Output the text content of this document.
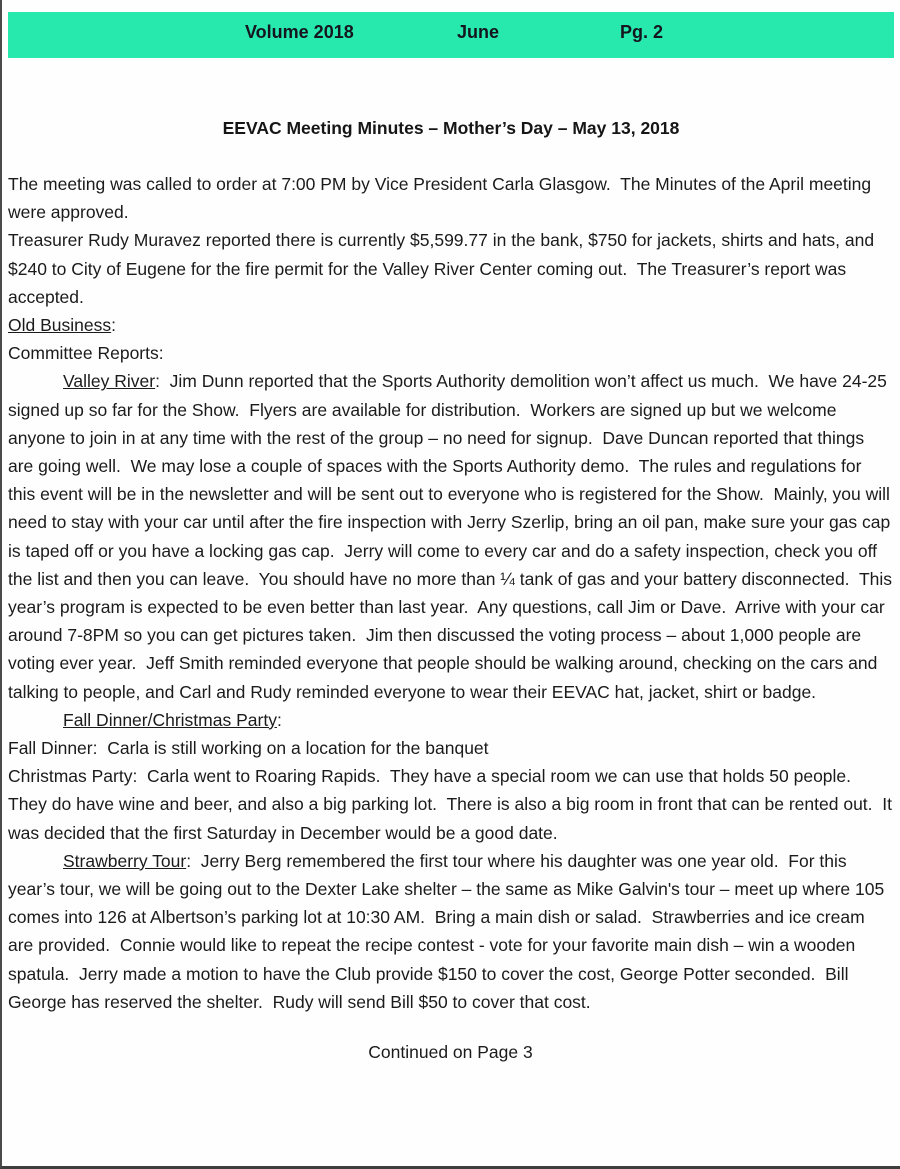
Volume 2018	June	Pg. 2
EEVAC Meeting Minutes – Mother’s Day – May 13, 2018
The meeting was called to order at 7:00 PM by Vice President Carla Glasgow.  The Minutes of the April meeting were approved.
Treasurer Rudy Muravez reported there is currently $5,599.77 in the bank, $750 for jackets, shirts and hats, and $240 to City of Eugene for the fire permit for the Valley River Center coming out.  The Treasurer’s report was accepted.
Old Business:
Committee Reports:
Valley River:  Jim Dunn reported that the Sports Authority demolition won’t affect us much.  We have 24-25 signed up so far for the Show.  Flyers are available for distribution.  Workers are signed up but we welcome anyone to join in at any time with the rest of the group – no need for signup.  Dave Duncan reported that things are going well.  We may lose a couple of spaces with the Sports Authority demo.  The rules and regulations for this event will be in the newsletter and will be sent out to everyone who is registered for the Show.  Mainly, you will need to stay with your car until after the fire inspection with Jerry Szerlip, bring an oil pan, make sure your gas cap is taped off or you have a locking gas cap.  Jerry will come to every car and do a safety inspection, check you off the list and then you can leave.  You should have no more than ¼ tank of gas and your battery disconnected.  This year’s program is expected to be even better than last year.  Any questions, call Jim or Dave.  Arrive with your car around 7-8PM so you can get pictures taken.  Jim then discussed the voting process – about 1,000 people are voting ever year.  Jeff Smith reminded everyone that people should be walking around, checking on the cars and talking to people, and Carl and Rudy reminded everyone to wear their EEVAC hat, jacket, shirt or badge.
Fall Dinner/Christmas Party:
Fall Dinner:  Carla is still working on a location for the banquet
Christmas Party:  Carla went to Roaring Rapids.  They have a special room we can use that holds 50 people.  They do have wine and beer, and also a big parking lot.  There is also a big room in front that can be rented out.  It was decided that the first Saturday in December would be a good date.
Strawberry Tour:  Jerry Berg remembered the first tour where his daughter was one year old.  For this year’s tour, we will be going out to the Dexter Lake shelter – the same as Mike Galvin's tour – meet up where 105 comes into 126 at Albertson’s parking lot at 10:30 AM.  Bring a main dish or salad.  Strawberries and ice cream are provided.  Connie would like to repeat the recipe contest - vote for your favorite main dish – win a wooden spatula.  Jerry made a motion to have the Club provide $150 to cover the cost, George Potter seconded.  Bill George has reserved the shelter.  Rudy will send Bill $50 to cover that cost.
Continued on Page 3
